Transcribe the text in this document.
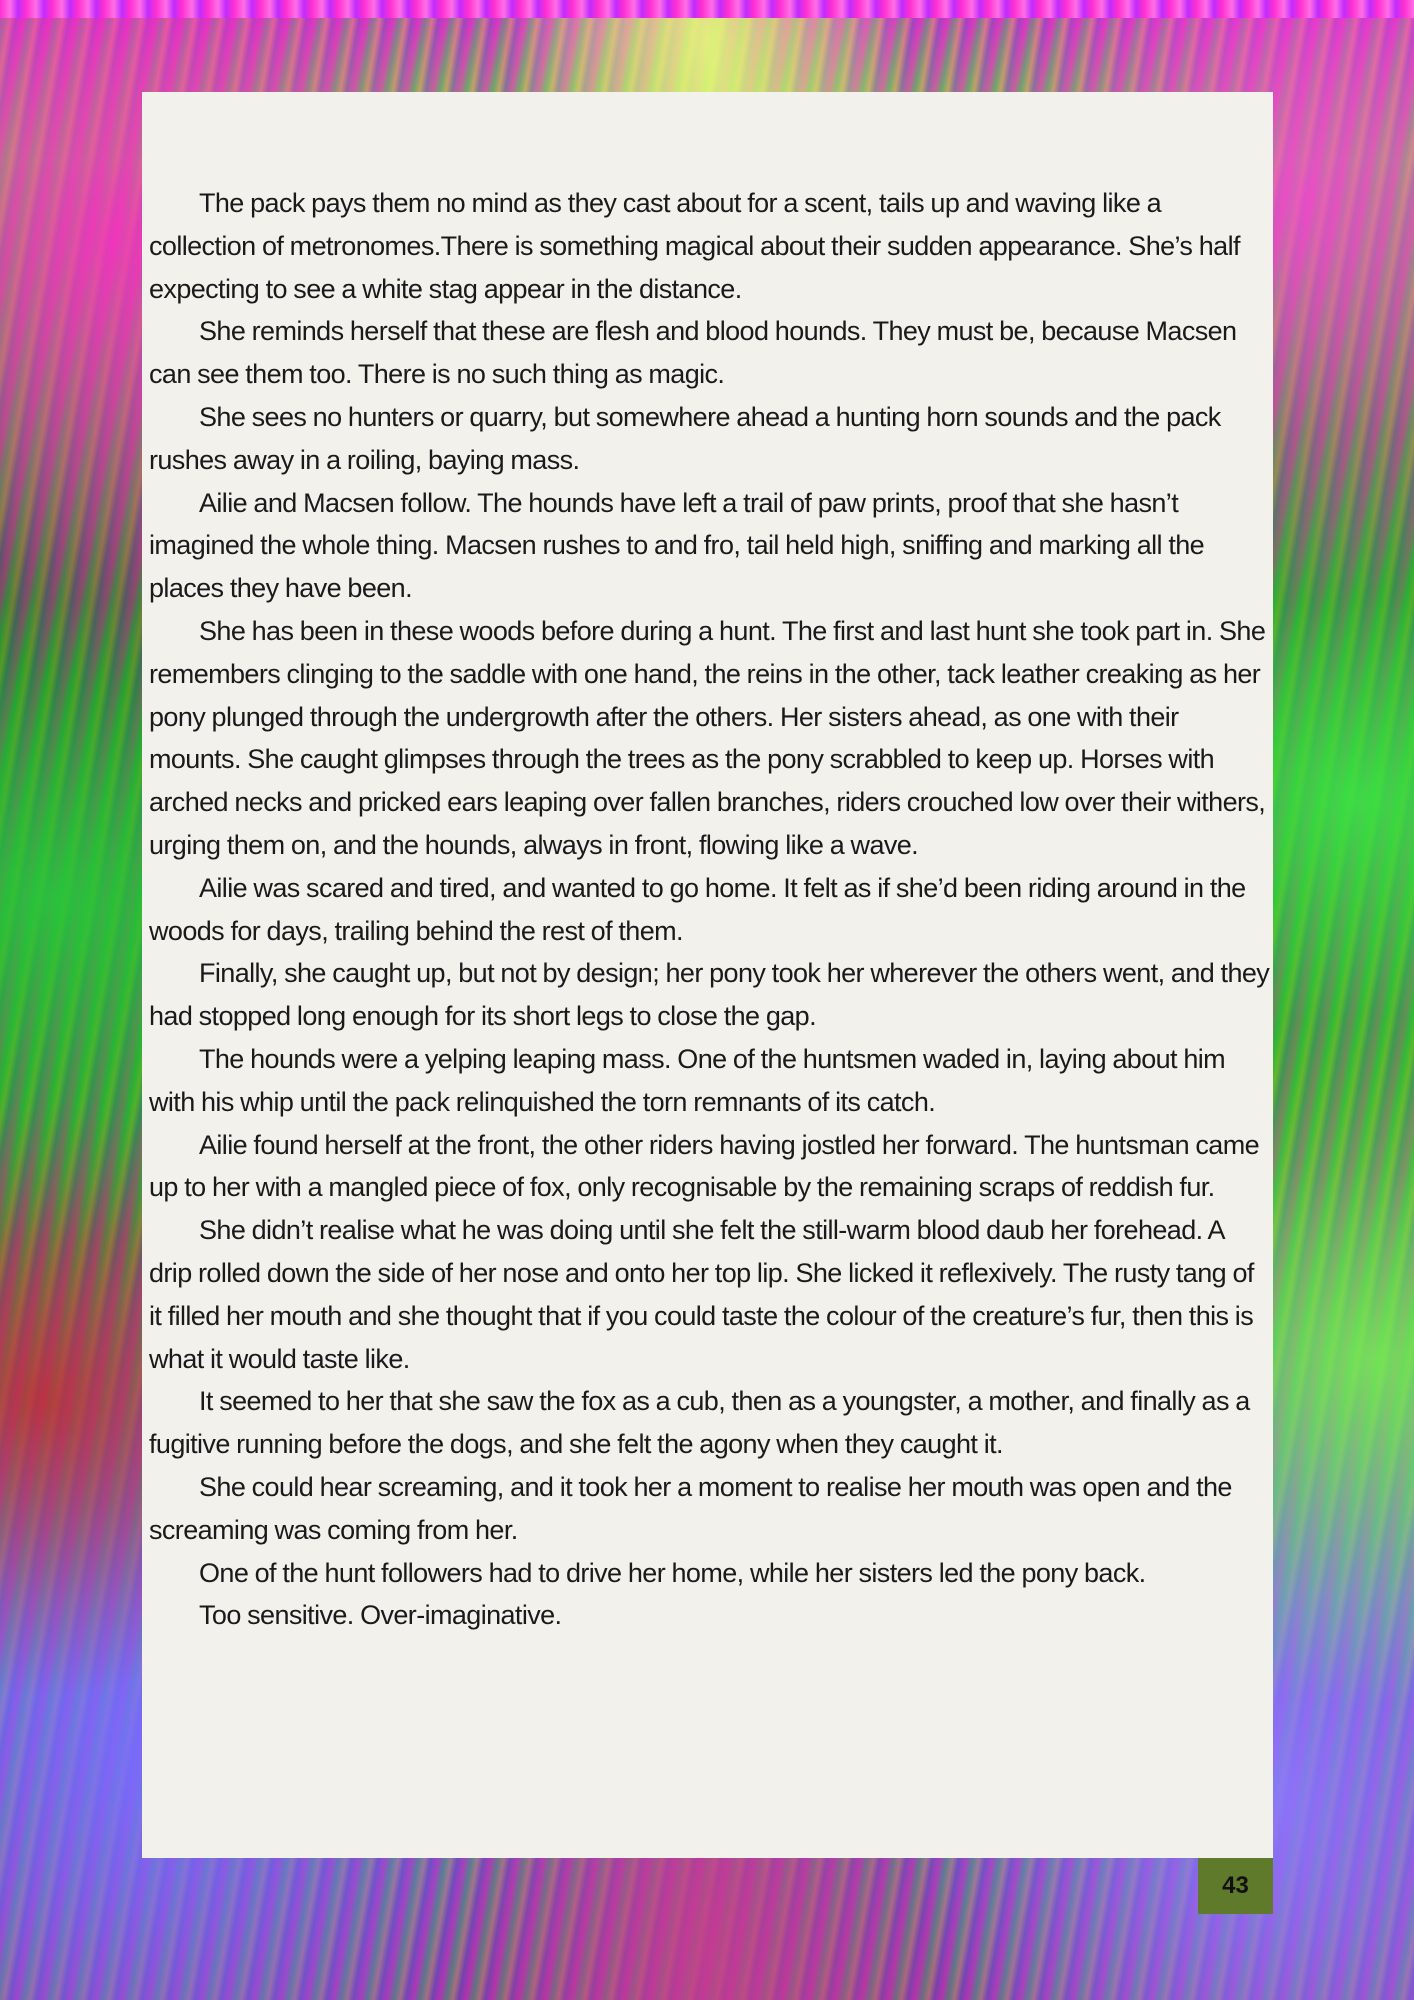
The pack pays them no mind as they cast about for a scent, tails up and waving like a collection of metronomes.There is something magical about their sudden appearance. She’s half expecting to see a white stag appear in the distance.

She reminds herself that these are flesh and blood hounds. They must be, because Macsen can see them too. There is no such thing as magic.

She sees no hunters or quarry, but somewhere ahead a hunting horn sounds and the pack rushes away in a roiling, baying mass.

Ailie and Macsen follow. The hounds have left a trail of paw prints, proof that she hasn’t imagined the whole thing. Macsen rushes to and fro, tail held high, sniffing and marking all the places they have been.

She has been in these woods before during a hunt. The first and last hunt she took part in. She remembers clinging to the saddle with one hand, the reins in the other, tack leather creaking as her pony plunged through the undergrowth after the others. Her sisters ahead, as one with their mounts. She caught glimpses through the trees as the pony scrabbled to keep up. Horses with arched necks and pricked ears leaping over fallen branches, riders crouched low over their withers, urging them on, and the hounds, always in front, flowing like a wave.

Ailie was scared and tired, and wanted to go home. It felt as if she’d been riding around in the woods for days, trailing behind the rest of them.

Finally, she caught up, but not by design; her pony took her wherever the others went, and they had stopped long enough for its short legs to close the gap.

The hounds were a yelping leaping mass. One of the huntsmen waded in, laying about him with his whip until the pack relinquished the torn remnants of its catch.

Ailie found herself at the front, the other riders having jostled her forward. The huntsman came up to her with a mangled piece of fox, only recognisable by the remaining scraps of reddish fur.

She didn’t realise what he was doing until she felt the still-warm blood daub her forehead. A drip rolled down the side of her nose and onto her top lip. She licked it reflexively. The rusty tang of it filled her mouth and she thought that if you could taste the colour of the creature’s fur, then this is what it would taste like.

It seemed to her that she saw the fox as a cub, then as a youngster, a mother, and finally as a fugitive running before the dogs, and she felt the agony when they caught it.

She could hear screaming, and it took her a moment to realise her mouth was open and the screaming was coming from her.

One of the hunt followers had to drive her home, while her sisters led the pony back.

Too sensitive. Over-imaginative.

43
